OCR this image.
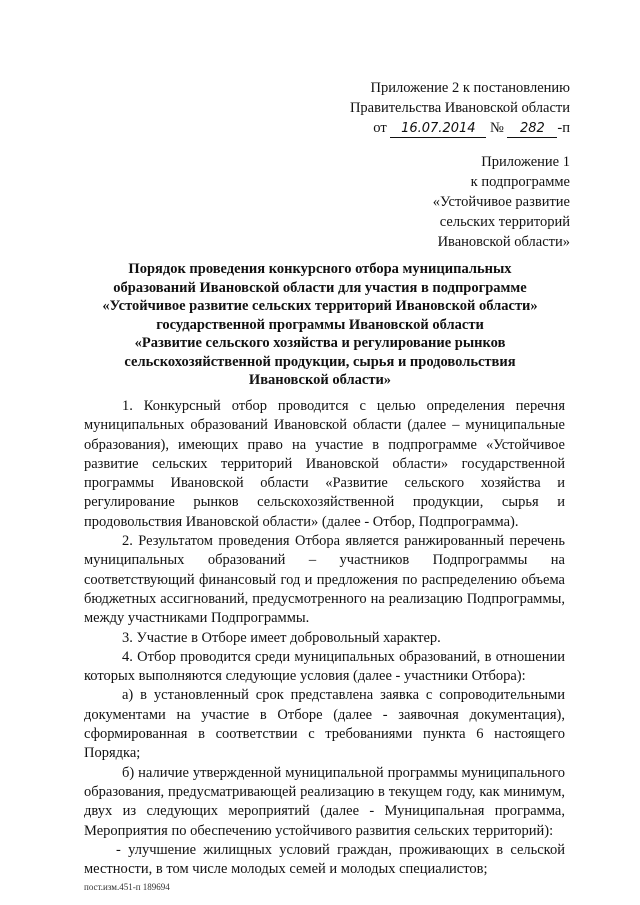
Приложение 2 к постановлению
Правительства Ивановской области
от 16.07.2014 № 282 -п
Приложение 1
к подпрограмме
«Устойчивое развитие
сельских территорий
Ивановской области»
Порядок проведения конкурсного отбора муниципальных
образований Ивановской области для участия в подпрограмме
«Устойчивое развитие сельских территорий Ивановской области»
государственной программы Ивановской области
«Развитие сельского хозяйства и регулирование рынков
сельскохозяйственной продукции, сырья и продовольствия
Ивановской области»

1. Конкурсный отбор проводится с целью определения перечня муниципальных образований Ивановской области (далее – муниципальные образования), имеющих право на участие в подпрограмме «Устойчивое развитие сельских территорий Ивановской области» государственной программы Ивановской области «Развитие сельского хозяйства и регулирование рынков сельскохозяйственной продукции, сырья и продовольствия Ивановской области» (далее - Отбор, Подпрограмма).

2. Результатом проведения Отбора является ранжированный перечень муниципальных образований – участников Подпрограммы на соответствующий финансовый год и предложения по распределению объема бюджетных ассигнований, предусмотренного на реализацию Подпрограммы, между участниками Подпрограммы.

3. Участие в Отборе имеет добровольный характер.

4. Отбор проводится среди муниципальных образований, в отношении которых выполняются следующие условия (далее - участники Отбора):

а) в установленный срок представлена заявка с сопроводительными документами на участие в Отборе (далее - заявочная документация), сформированная в соответствии с требованиями пункта 6 настоящего Порядка;

б) наличие утвержденной муниципальной программы муниципального образования, предусматривающей реализацию в текущем году, как минимум, двух из следующих мероприятий (далее - Муниципальная программа, Мероприятия по обеспечению устойчивого развития сельских территорий):

- улучшение жилищных условий граждан, проживающих в сельской местности, в том числе молодых семей и молодых специалистов;

пост.изм.451-п 189694
